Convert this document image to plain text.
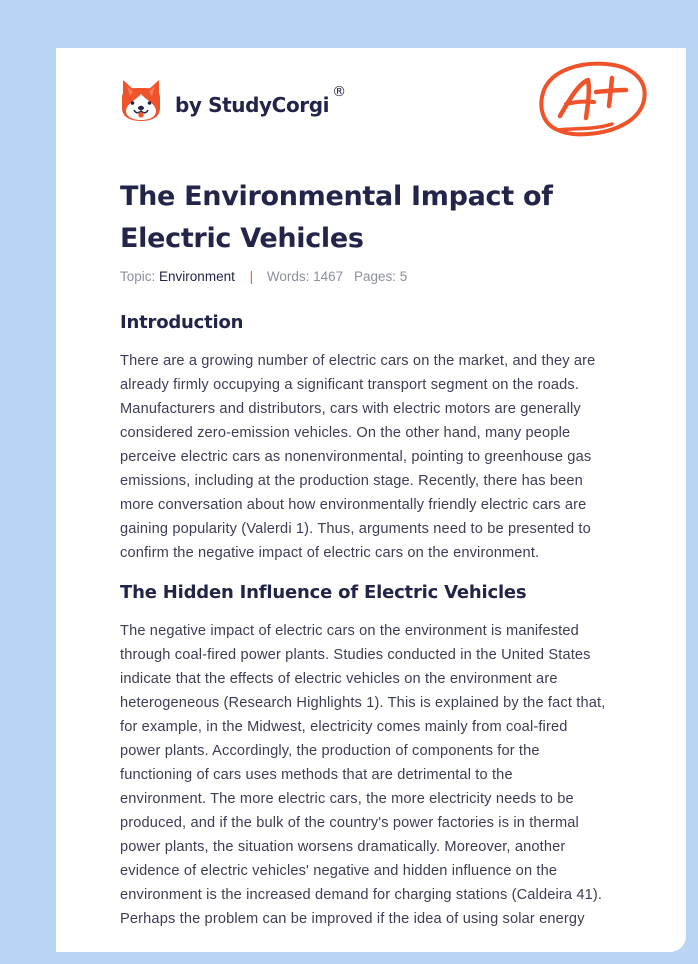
by StudyCorgi
®
The Environmental Impact of Electric Vehicles
Topic: Environment | Words: 1467 Pages: 5
Introduction

There are a growing number of electric cars on the market, and they are
already firmly occupying a significant transport segment on the roads.
Manufacturers and distributors, cars with electric motors are generally
considered zero-emission vehicles. On the other hand, many people
perceive electric cars as nonenvironmental, pointing to greenhouse gas
emissions, including at the production stage. Recently, there has been
more conversation about how environmentally friendly electric cars are
gaining popularity (Valerdi 1). Thus, arguments need to be presented to
confirm the negative impact of electric cars on the environment.

The Hidden Influence of Electric Vehicles

The negative impact of electric cars on the environment is manifested
through coal-fired power plants. Studies conducted in the United States
indicate that the effects of electric vehicles on the environment are
heterogeneous (Research Highlights 1). This is explained by the fact that,
for example, in the Midwest, electricity comes mainly from coal-fired
power plants. Accordingly, the production of components for the
functioning of cars uses methods that are detrimental to the
environment. The more electric cars, the more electricity needs to be
produced, and if the bulk of the country's power factories is in thermal
power plants, the situation worsens dramatically. Moreover, another
evidence of electric vehicles' negative and hidden influence on the
environment is the increased demand for charging stations (Caldeira 41).
Perhaps the problem can be improved if the idea of using solar energy
